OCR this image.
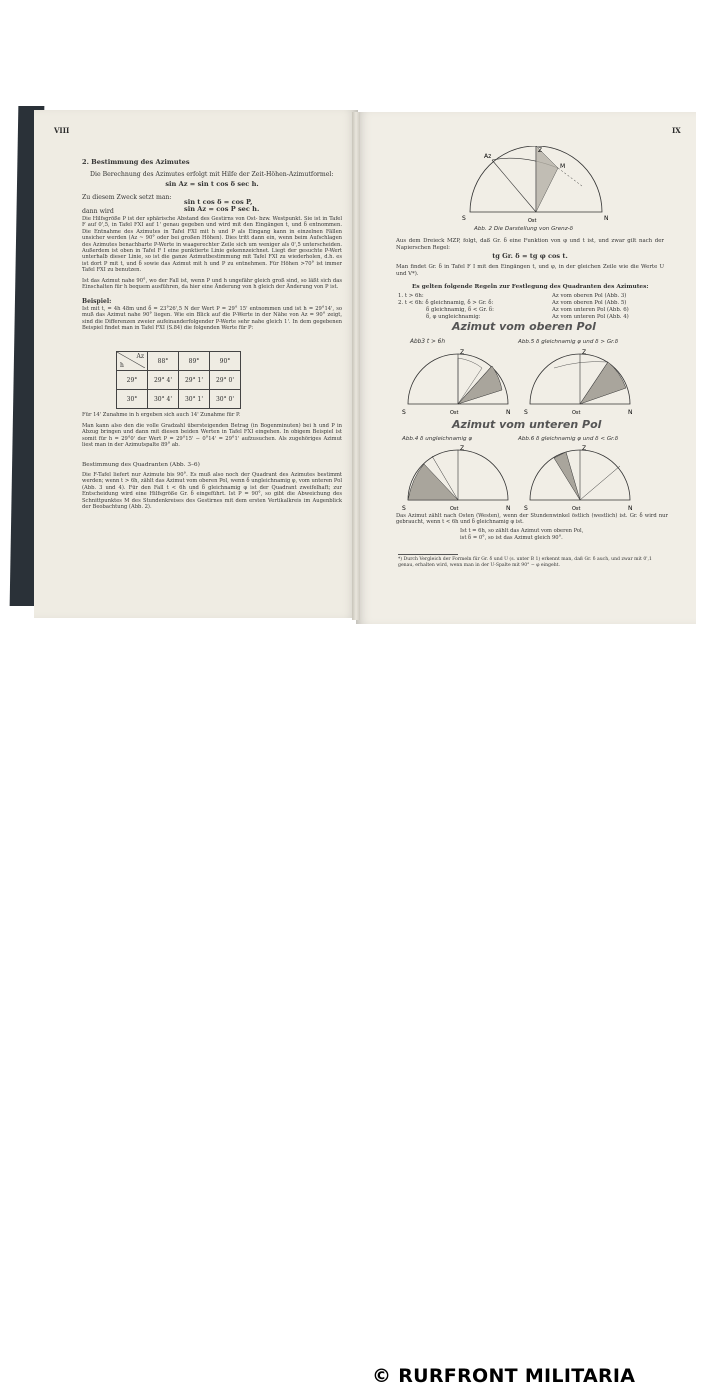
VIII
2. Bestimmung des Azimutes
Die Berechnung des Azimutes erfolgt mit Hilfe der Zeit-Höhen-Azimutformel:
sin Az = sin t cos δ sec h.
Zu diesem Zweck setzt man:
sin t cos δ = cos P,
dann wird	sin Az = cos P sec h.
Die Hilfsgröße P ist der sphärische Abstand des Gestirns von Ost- bzw. Westpunkt. Sie ist in Tafel F auf 0',5, in Tafel FXI auf 1' genau gegeben und wird mit den Eingängen t, und δ entnommen. Die Entnahme des Azimutes in Tafel FXI mit h und P als Eingang kann in einzelnen Fällen unsicher werden (Az ~ 90° oder bei großen Höhen). Dies tritt dann ein, wenn beim Aufschlagen des Azimutes benachbarte P-Werte in waagerechter Zeile sich um weniger als 0',5 unterscheiden. Außerdem ist oben in Tafel F I eine punktierte Linie gekennzeichnet. Liegt der gesuchte P-Wert unterhalb dieser Linie, so ist die ganze Azimutbestimmung mit Tafel FXI zu wiederholen, d.h. es ist dort P mit t, und δ sowie das Azimut mit h und P zu entnehmen. Für Höhen >70° ist immer Tafel FXI zu benutzen.
Ist das Azimut nahe 90°, wo der Fall ist, wenn P und h ungefähr gleich groß sind, so läßt sich das Einschalten für h bequem ausführen, da hier eine Änderung von h gleich der Änderung von P ist.
Beispiel:
Ist mit t, = 4h 48m und δ = 23°26',5 N der Wert P = 29° 15' entnommen und ist h = 29°14', so muß das Azimut nahe 90° liegen. Wie ein Blick auf die P-Werte in der Nähe von Az = 90° zeigt, sind die Differenzen zweier aufeinanderfolgender P-Werte sehr nahe gleich 1'. In dem gegebenen Beispiel findet man in Tafel FXI (S.84) die folgenden Werte für P:
Az
h	88°	89°	90°
29°	29° 4'	29° 1'	29° 0'
30°	30° 4'	30° 1'	30° 0'
Für 14' Zunahme in h ergeben sich auch 14' Zunahme für P.
Man kann also den die volle Gradzahl übersteigenden Betrag (in Bogenminuten) bei h und P in Abzug bringen und dann mit diesen beiden Werten in Tafel FXI eingehen. In obigem Beispiel ist somit für h = 29°0' der Wert P = 29°15' − 0°14' = 29°1' aufzusuchen. Als zugehöriges Azimut liest man in der Azimutspalte 89° ab.
Bestimmung des Quadranten (Abb. 3–6)
Die F-Tafel liefert nur Azimute bis 90°. Es muß also noch der Quadrant des Azimutes bestimmt werden; wenn t > 6h, zählt das Azimut vom oberen Pol, wenn δ ungleichnamig φ, vom unteren Pol (Abb. 3 und 4). Für den Fall t < 6h und δ gleichnamig φ ist der Quadrant zweifelhaft; zur Entscheidung wird eine Hilfsgröße Gr. δ eingeführt. Ist P = 90°, so gibt die Abweichung des Schnittpunktes M des Stundenkreises des Gestirnes mit dem ersten Vertikalkreis im Augenblick der Beobachtung (Abb. 2).
IX
S	N
Z
Az
M
Ost
Abb. 2 Die Darstellung von Grenz-δ
Aus dem Dreieck MZP, folgt, daß Gr. δ eine Funktion von φ und t ist, und zwar gilt nach der Napierschen Regel:
tg Gr. δ = tg φ cos t.
Man findet Gr. δ in Tafel F I mit den Eingängen t, und φ, in der gleichen Zeile wie die Werte U und V*).
Es gelten folgende Regeln zur Festlegung des Quadranten des Azimutes:
1. t > 6h:	Az vom oberen Pol (Abb. 3)
2. t < 6h: δ gleichnamig, δ > Gr. δ:	Az vom oberen Pol (Abb. 5)
δ gleichnamig, δ < Gr. δ:	Az vom unteren Pol (Abb. 6)
δ, φ ungleichnamig:	Az vom unteren Pol (Abb. 4)
Azimut vom oberen Pol
Abb3 t > 6h
S	N
Z
Ost
Abb.5 δ gleichnamig φ und δ > Gr.δ
S	N
Z
Ost
Azimut vom unteren Pol
Abb.4 δ ungleichnamig φ
S	N
Z
Ost
Abb.6 δ gleichnamig φ und δ < Gr.δ
S	N
Z
Ost
Das Azimut zählt nach Osten (Westen), wenn der Stundenwinkel östlich (westlich) ist. Gr. δ wird nur gebraucht, wenn t < 6h und δ gleichnamig φ ist.
Ist t = 6h, so zählt das Azimut vom oberen Pol,
ist δ = 0°, so ist das Azimut gleich 90°.
*) Durch Vergleich der Formeln für Gr. δ und U (s. unter B 1) erkennt man, daß Gr. δ auch, und zwar mit 0',1 genau, erhalten wird, wenn man in der U-Spalte mit 90° − φ eingeht.
© RURFRONT MILITARIA
